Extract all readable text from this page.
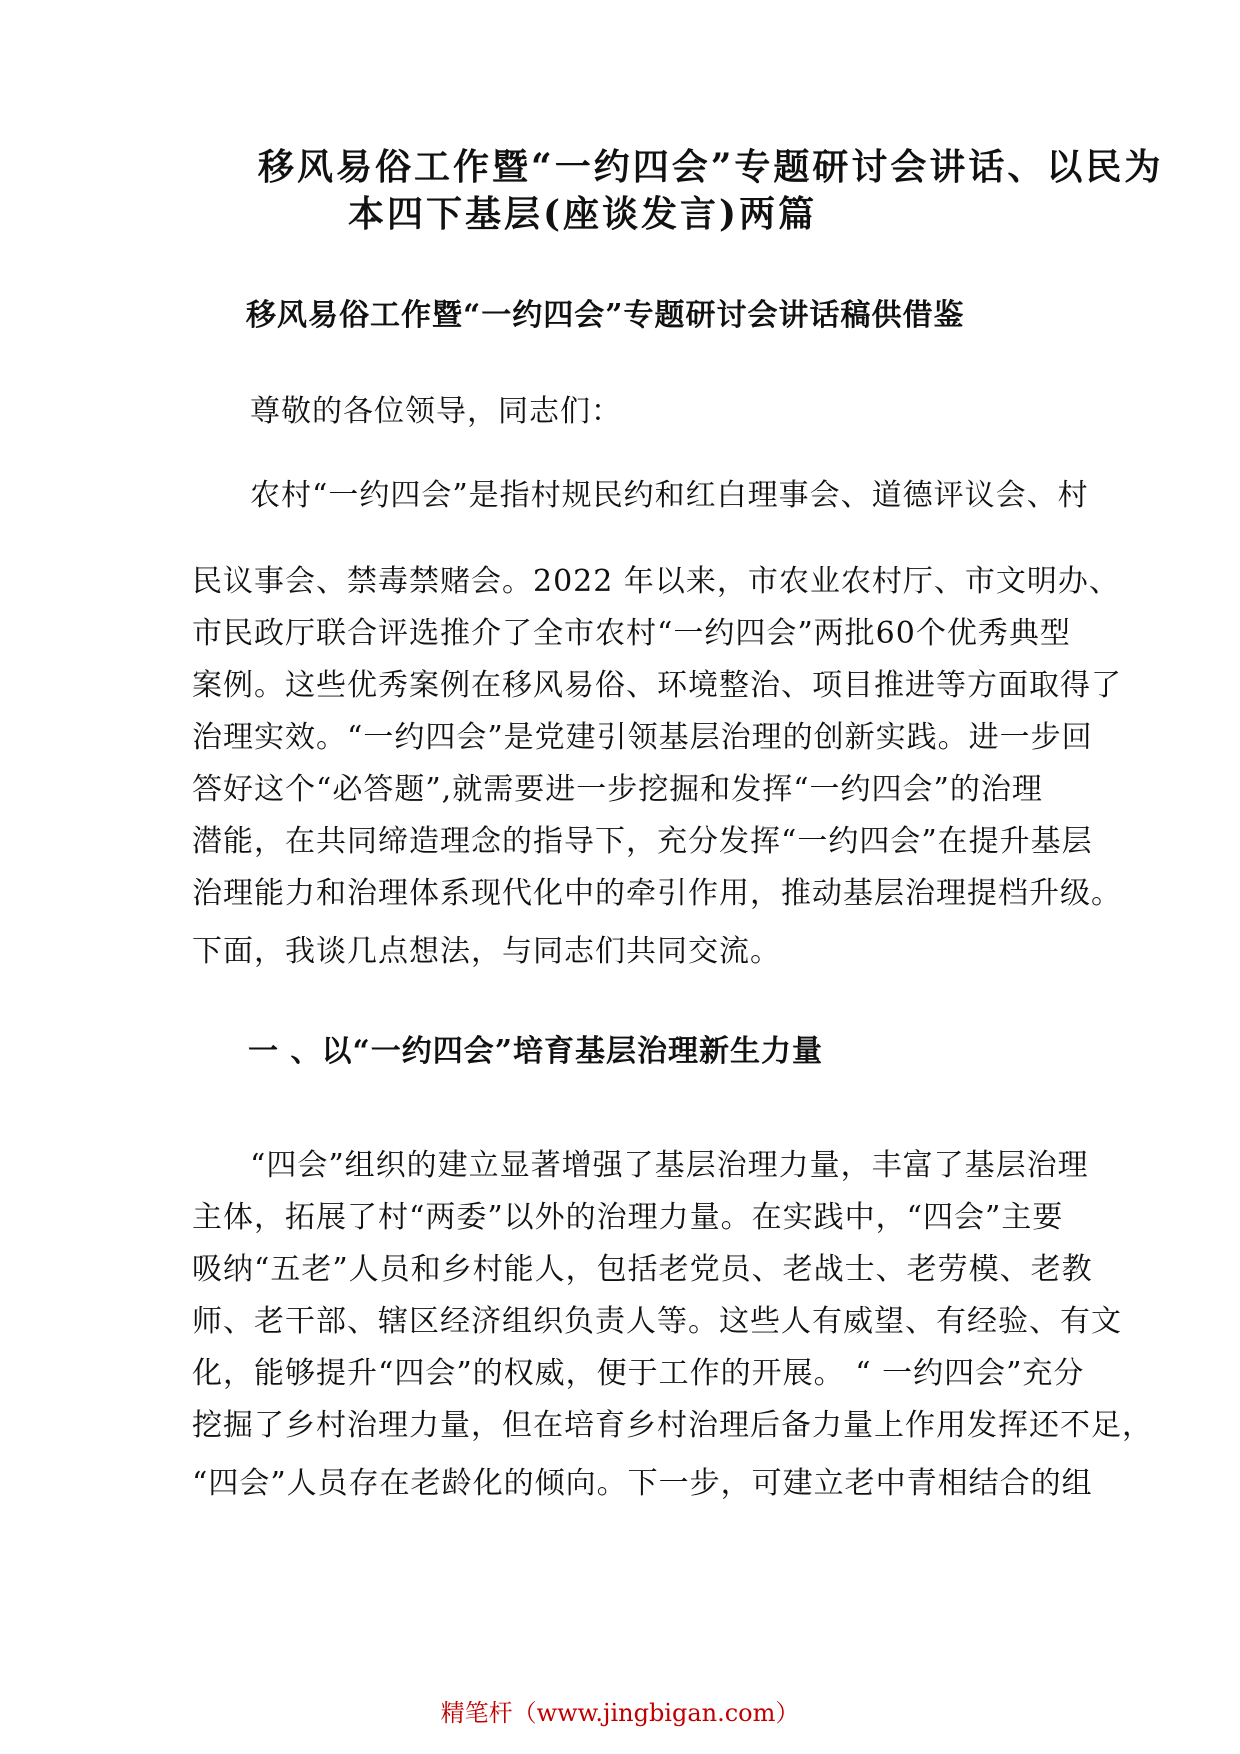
移风易俗工作暨“一约四会”专题研讨会讲话、以民为
本四下基层(座谈发言)两篇
移风易俗工作暨“一约四会”专题研讨会讲话稿供借鉴
尊敬的各位领导，同志们：
农村“一约四会”是指村规民约和红白理事会、道德评议会、村
民议事会、禁毒禁赌会。2022 年以来，市农业农村厅、市文明办、
市民政厅联合评选推介了全市农村“一约四会”两批60个优秀典型
案例。这些优秀案例在移风易俗、环境整治、项目推进等方面取得了
治理实效。“一约四会”是党建引领基层治理的创新实践。进一步回
答好这个“必答题”,就需要进一步挖掘和发挥“一约四会”的治理
潜能，在共同缔造理念的指导下，充分发挥“一约四会”在提升基层
治理能力和治理体系现代化中的牵引作用，推动基层治理提档升级。
下面，我谈几点想法，与同志们共同交流。
一 、以“一约四会”培育基层治理新生力量
“四会”组织的建立显著增强了基层治理力量，丰富了基层治理
主体，拓展了村“两委”以外的治理力量。在实践中，“四会”主要
吸纳“五老”人员和乡村能人，包括老党员、老战士、老劳模、老教
师、老干部、辖区经济组织负责人等。这些人有威望、有经验、有文
化，能够提升“四会”的权威，便于工作的开展。 “ 一约四会”充分
挖掘了乡村治理力量，但在培育乡村治理后备力量上作用发挥还不足，
“四会”人员存在老龄化的倾向。下一步，可建立老中青相结合的组
精笔杆（www.jingbigan.com）
